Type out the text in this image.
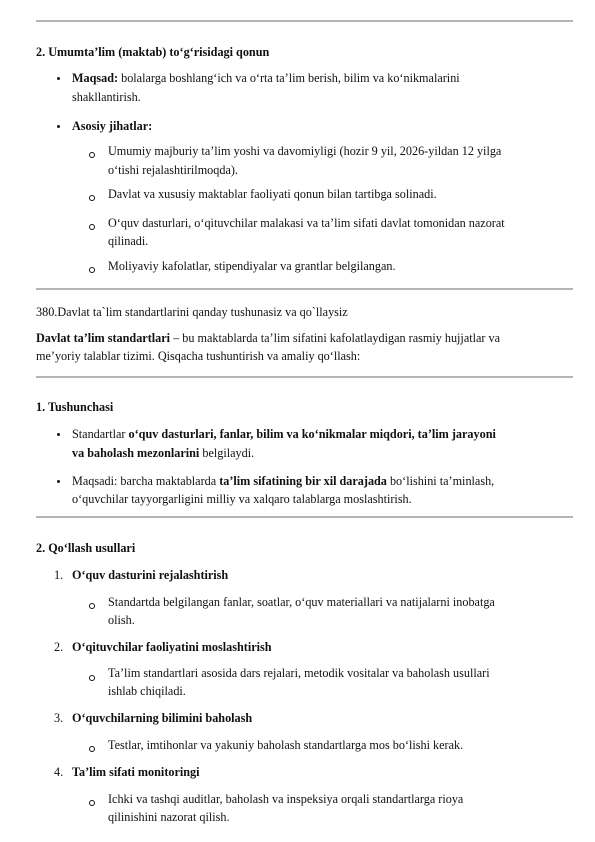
2. Umumta’lim (maktab) to‘g‘risidagi qonun
Maqsad: bolalarga boshlang‘ich va o‘rta ta’lim berish, bilim va ko‘nikmalarini
shakllantirish.
Asosiy jihatlar:
Umumiy majburiy ta’lim yoshi va davomiyligi (hozir 9 yil, 2026-yildan 12 yilga
o‘tishi rejalashtirilmoqda).
Davlat va xususiy maktablar faoliyati qonun bilan tartibga solinadi.
O‘quv dasturlari, o‘qituvchilar malakasi va ta’lim sifati davlat tomonidan nazorat
qilinadi.
Moliyaviy kafolatlar, stipendiyalar va grantlar belgilangan.
380.Davlat ta`lim standartlarini qanday tushunasiz va qo`llaysiz
Davlat ta’lim standartlari – bu maktablarda ta’lim sifatini kafolatlaydigan rasmiy hujjatlar va
me’yoriy talablar tizimi. Qisqacha tushuntirish va amaliy qo‘llash:
1. Tushunchasi
Standartlar o‘quv dasturlari, fanlar, bilim va ko‘nikmalar miqdori, ta’lim jarayoni
va baholash mezonlarini belgilaydi.
Maqsadi: barcha maktablarda ta’lim sifatining bir xil darajada bo‘lishini ta’minlash,
o‘quvchilar tayyorgarligini milliy va xalqaro talablarga moslashtirish.
2. Qo‘llash usullari
1. O‘quv dasturini rejalashtirish
Standartda belgilangan fanlar, soatlar, o‘quv materiallari va natijalarni inobatga
olish.
2. O‘qituvchilar faoliyatini moslashtirish
Ta’lim standartlari asosida dars rejalari, metodik vositalar va baholash usullari
ishlab chiqiladi.
3. O‘quvchilarning bilimini baholash
Testlar, imtihonlar va yakuniy baholash standartlarga mos bo‘lishi kerak.
4. Ta’lim sifati monitoringi
Ichki va tashqi auditlar, baholash va inspeksiya orqali standartlarga rioya
qilinishini nazorat qilish.
